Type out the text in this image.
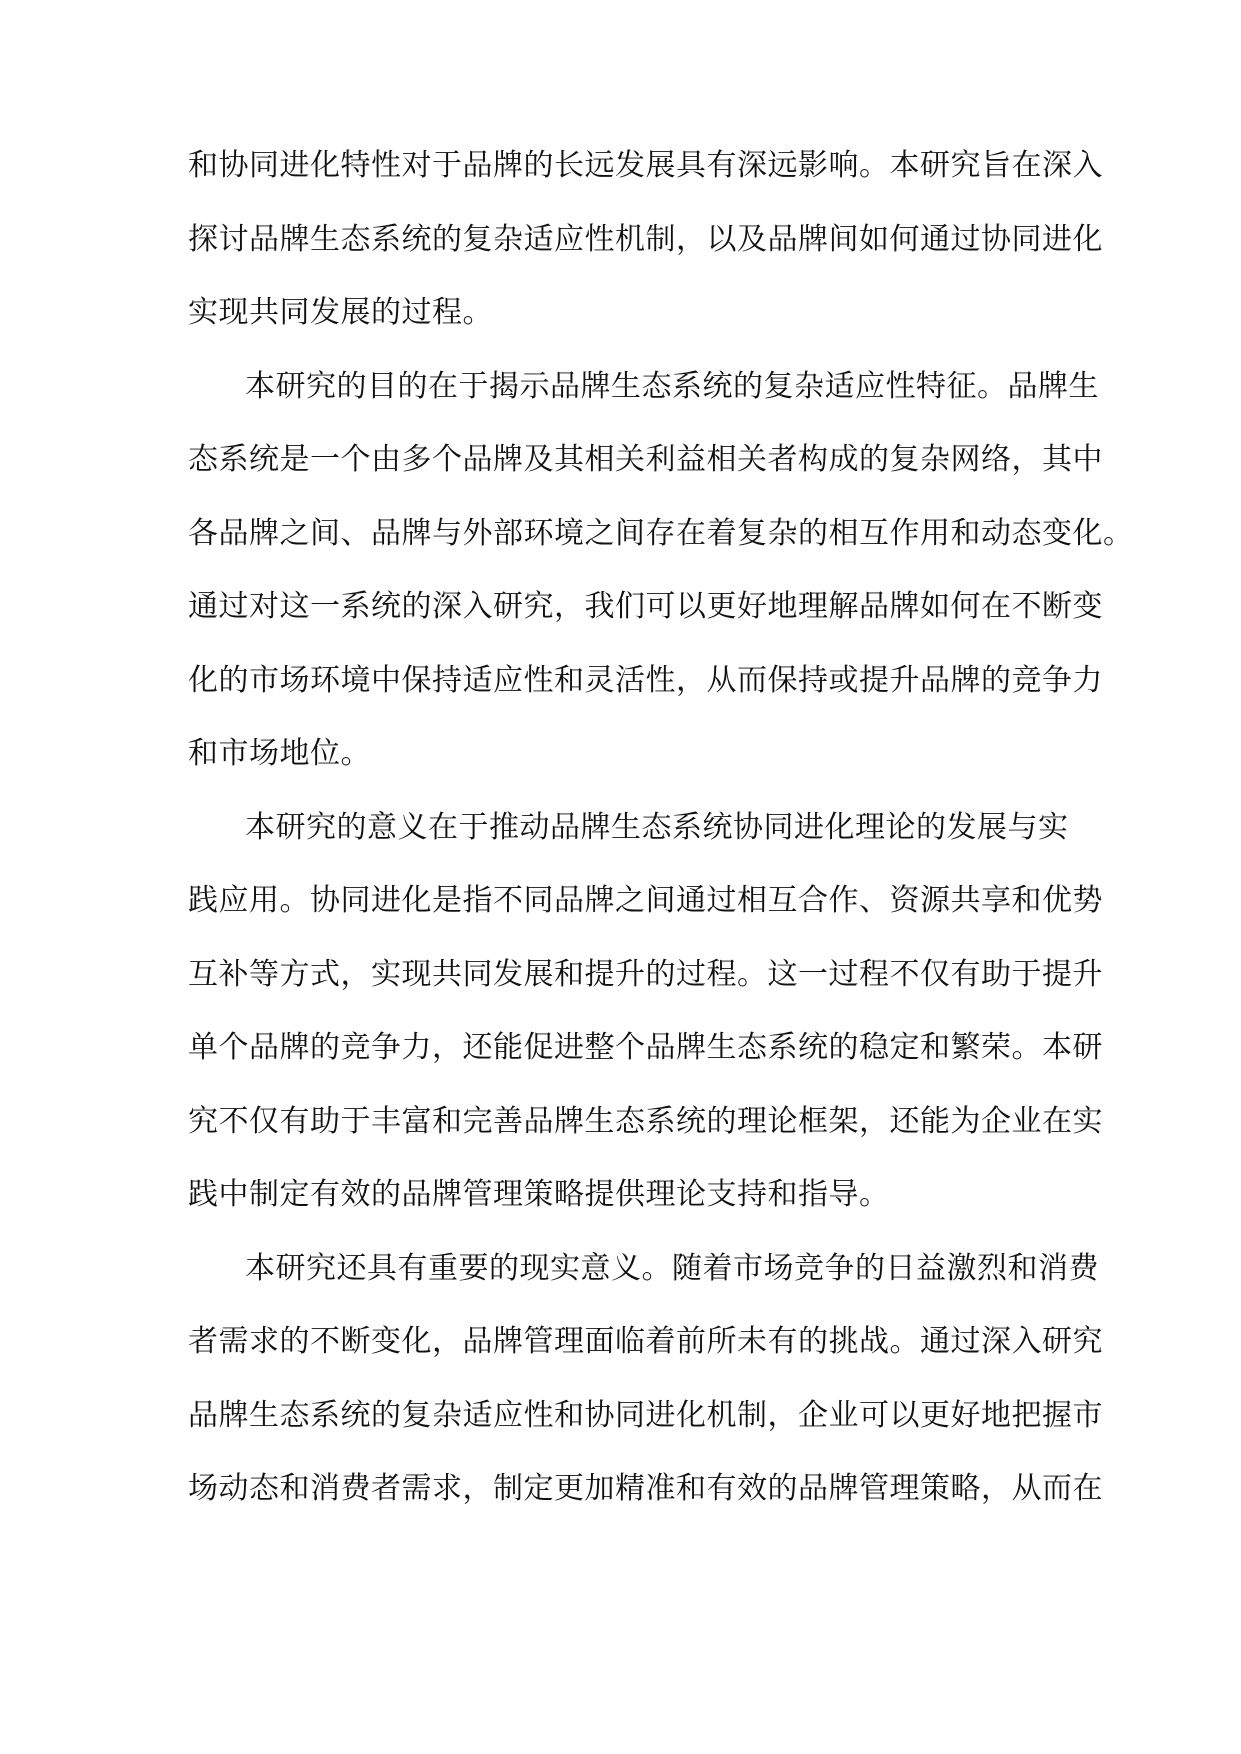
和协同进化特性对于品牌的长远发展具有深远影响。本研究旨在深入
探讨品牌生态系统的复杂适应性机制，以及品牌间如何通过协同进化
实现共同发展的过程。
本研究的目的在于揭示品牌生态系统的复杂适应性特征。品牌生
态系统是一个由多个品牌及其相关利益相关者构成的复杂网络，其中
各品牌之间、品牌与外部环境之间存在着复杂的相互作用和动态变化。
通过对这一系统的深入研究，我们可以更好地理解品牌如何在不断变
化的市场环境中保持适应性和灵活性，从而保持或提升品牌的竞争力
和市场地位。
本研究的意义在于推动品牌生态系统协同进化理论的发展与实
践应用。协同进化是指不同品牌之间通过相互合作、资源共享和优势
互补等方式，实现共同发展和提升的过程。这一过程不仅有助于提升
单个品牌的竞争力，还能促进整个品牌生态系统的稳定和繁荣。本研
究不仅有助于丰富和完善品牌生态系统的理论框架，还能为企业在实
践中制定有效的品牌管理策略提供理论支持和指导。
本研究还具有重要的现实意义。随着市场竞争的日益激烈和消费
者需求的不断变化，品牌管理面临着前所未有的挑战。通过深入研究
品牌生态系统的复杂适应性和协同进化机制，企业可以更好地把握市
场动态和消费者需求，制定更加精准和有效的品牌管理策略，从而在
